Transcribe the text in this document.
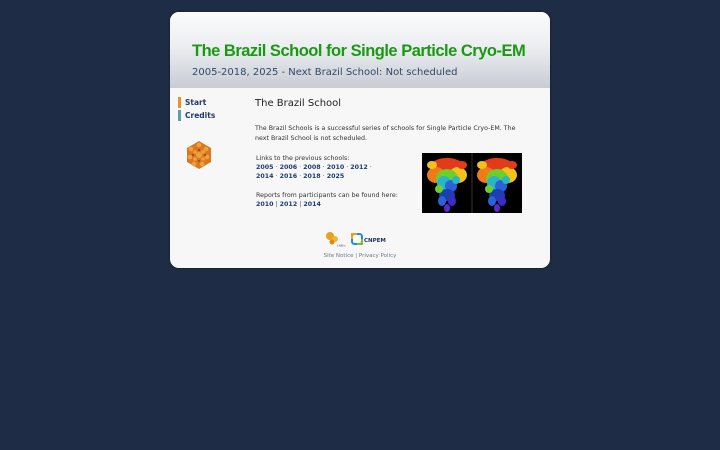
The Brazil School for Single Particle Cryo-EM

2005-2018, 2025 - Next Brazil School: Not scheduled

Start
Credits
The Brazil School

The Brazil Schools is a successful series of schools for Single Particle Cryo-EM. The next Brazil School is not scheduled.

Links to the previous schools:
2005 · 2006 · 2008 · 2010 · 2012 ·
2014 · 2016 · 2018 · 2025
Reports from participants can be found here:
2010 | 2012 | 2014
LNBio
CNPEM
Site Notice | Privacy Policy
